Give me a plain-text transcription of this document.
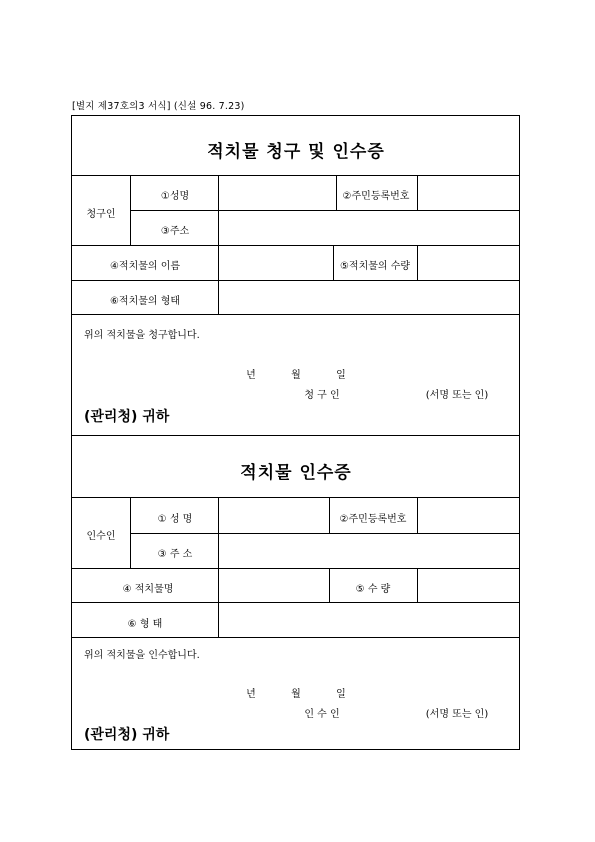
[별지 제37호의3 서식] (신설 96. 7.23)
적치물 청구 및 인수증
청구인
①성명	②주민등록번호
③주소
④적치물의 이름	⑤적치물의 수량
⑥적치물의 형태
위의 적치물을 청구합니다.
년	월	일
청 구 인	(서명 또는 인)
(관리청) 귀하
적치물 인수증
인수인
① 성 명	②주민등록번호
③ 주 소
④ 적치물명	⑤ 수 량
⑥ 형 태
위의 적치물을 인수합니다.
년	월	일
인 수 인	(서명 또는 인)
(관리청) 귀하
